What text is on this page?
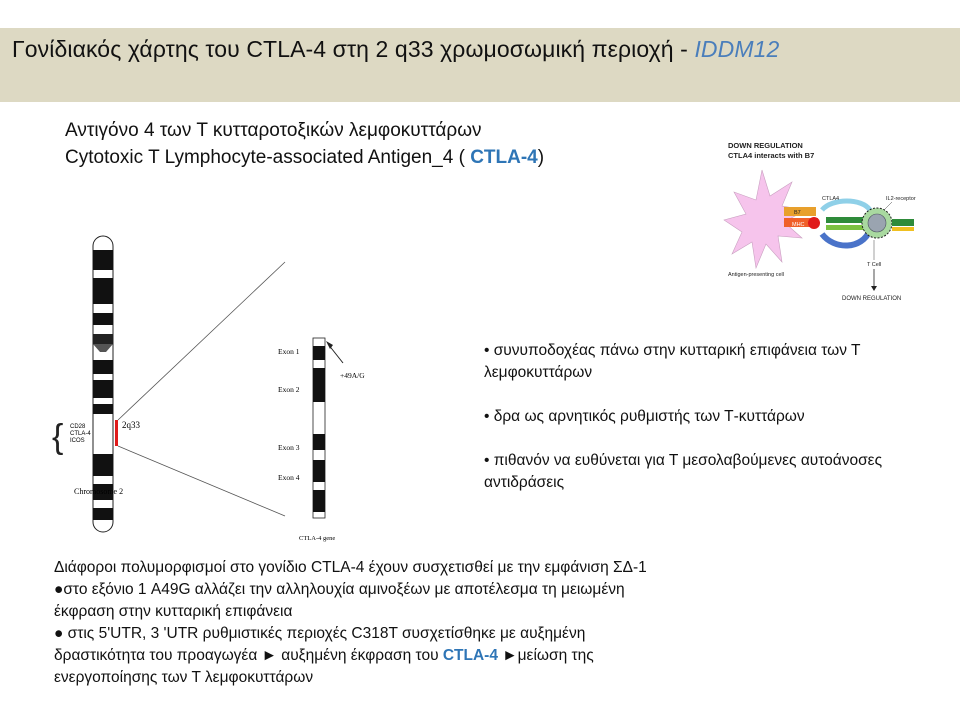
Γονίδιακός χάρτης του CTLA-4 στη 2 q33 χρωμοσωμική περιοχή - IDDM12
Αντιγόνο 4 των Τ κυτταροτοξικών λεμφοκυττάρων
Cytotoxic T Lymphocyte-associated Antigen_4 ( CTLA-4)
{ CD28
CTLA-4
ICOS
2q33
Chromosome 2
Exon 1
Exon 2
Exon 3
Exon 4
+49A/G
CTLA-4 gene
DOWN REGULATION
CTLA4 interacts with B7
B7
MHC
CTLA4	IL2-receptor
T Cell
Antigen-presenting cell
DOWN REGULATION

• συνυποδοχέας πάνω στην κυτταρική επιφάνεια των Τ λεμφοκυττάρων

• δρα ως αρνητικός ρυθμιστής των Τ-κυττάρων

• πιθανόν να ευθύνεται για Τ μεσολαβούμενες αυτοάνοσες αντιδράσεις

Διάφοροι πολυμορφισμοί στο γονίδιο CTLA-4 έχουν συσχετισθεί με την εμφάνιση ΣΔ-1
●στο εξόνιο 1 A49G αλλάζει την αλληλουχία αμινοξέων με αποτέλεσμα τη μειωμένη
έκφραση στην κυτταρική επιφάνεια
● στις 5'UTR, 3 'UTR ρυθμιστικές περιοχές C318T συσχετίσθηκε με αυξημένη
δραστικότητα του προαγωγέα ► αυξημένη έκφραση του CTLA-4 ►μείωση της
ενεργοποίησης των Τ λεμφοκυττάρων
